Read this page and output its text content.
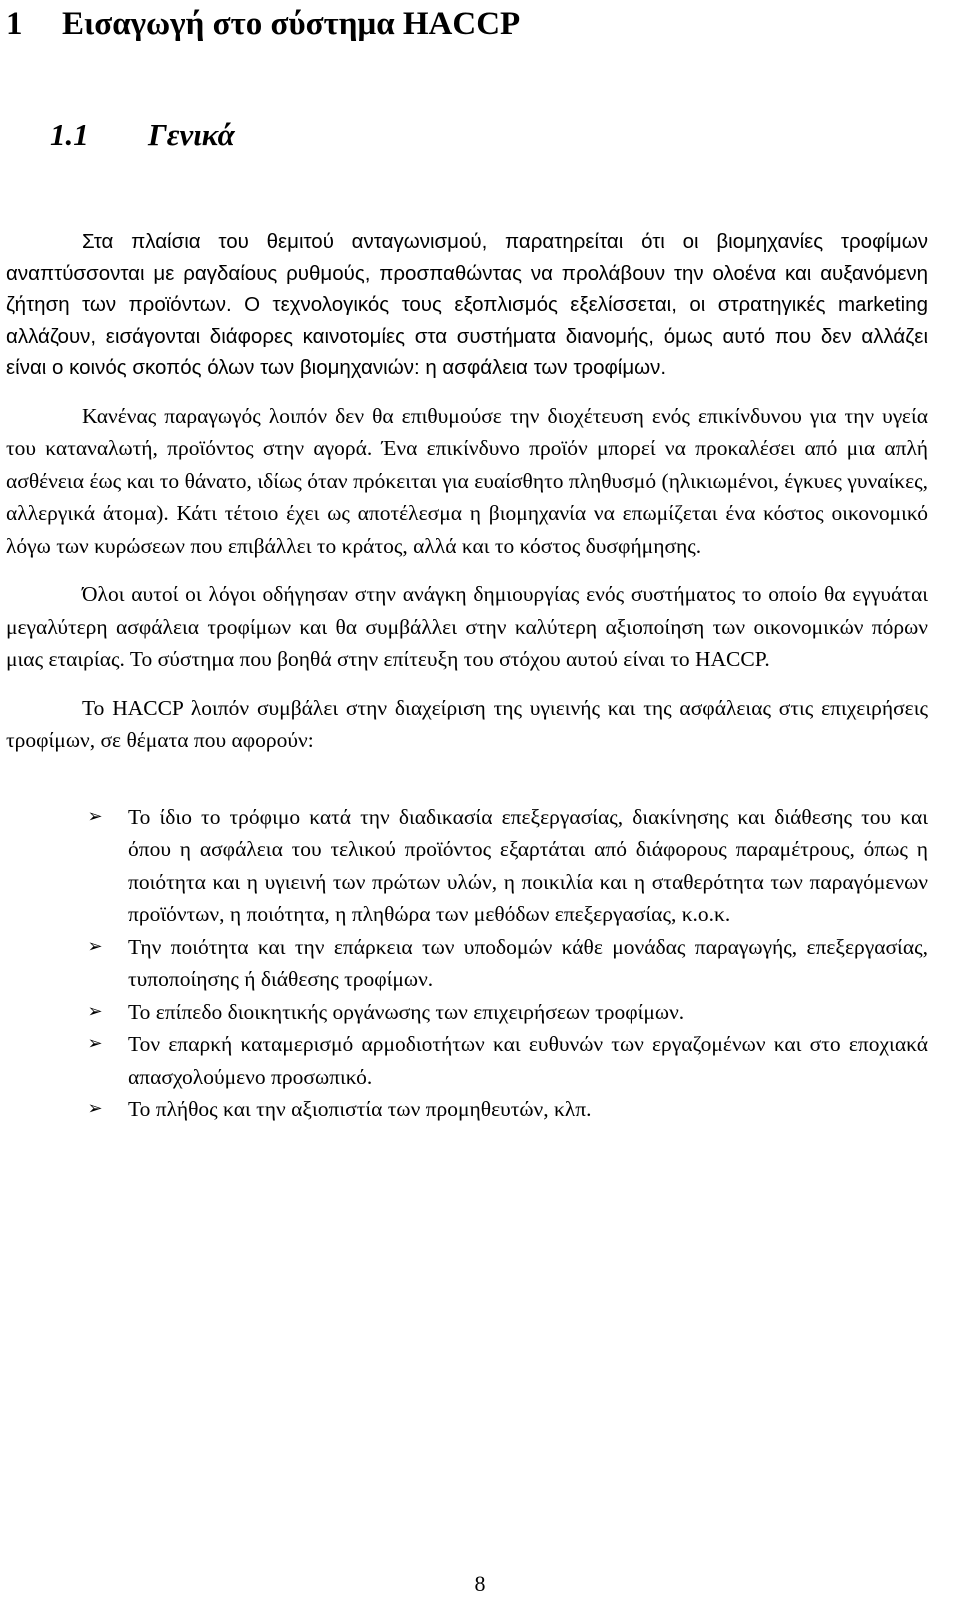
1 Εισαγωγή στο σύστημα HACCP
1.1 Γενικά

Στα πλαίσια του θεμιτού ανταγωνισμού, παρατηρείται ότι οι βιομηχανίες τροφίμων αναπτύσσονται με ραγδαίους ρυθμούς, προσπαθώντας να προλάβουν την ολοένα και αυξανόμενη ζήτηση των προϊόντων. Ο τεχνολογικός τους εξοπλισμός εξελίσσεται, οι στρατηγικές marketing αλλάζουν, εισάγονται διάφορες καινοτομίες στα συστήματα διανομής, όμως αυτό που δεν αλλάζει είναι ο κοινός σκοπός όλων των βιομηχανιών: η ασφάλεια των τροφίμων.

Κανένας παραγωγός λοιπόν δεν θα επιθυμούσε την διοχέτευση ενός επικίνδυνου για την υγεία του καταναλωτή, προϊόντος στην αγορά. Ένα επικίνδυνο προϊόν μπορεί να προκαλέσει από μια απλή ασθένεια έως και το θάνατο, ιδίως όταν πρόκειται για ευαίσθητο πληθυσμό (ηλικιωμένοι, έγκυες γυναίκες, αλλεργικά άτομα). Κάτι τέτοιο έχει ως αποτέλεσμα η βιομηχανία να επωμίζεται ένα κόστος οικονομικό λόγω των κυρώσεων που επιβάλλει το κράτος, αλλά και το κόστος δυσφήμησης.

Όλοι αυτοί οι λόγοι οδήγησαν στην ανάγκη δημιουργίας ενός συστήματος το οποίο θα εγγυάται μεγαλύτερη ασφάλεια τροφίμων και θα συμβάλλει στην καλύτερη αξιοποίηση των οικονομικών πόρων μιας εταιρίας. Το σύστημα που βοηθά στην επίτευξη του στόχου αυτού είναι το HACCP.

Το HACCP λοιπόν συμβάλει στην διαχείριση της υγιεινής και της ασφάλειας στις επιχειρήσεις τροφίμων, σε θέματα που αφορούν:

➢ Το ίδιο το τρόφιμο κατά την διαδικασία επεξεργασίας, διακίνησης και διάθεσης του και όπου η ασφάλεια του τελικού προϊόντος εξαρτάται από διάφορους παραμέτρους, όπως η ποιότητα και η υγιεινή των πρώτων υλών, η ποικιλία και η σταθερότητα των παραγόμενων προϊόντων, η ποιότητα, η πληθώρα των μεθόδων επεξεργασίας, κ.ο.κ.
➢ Την ποιότητα και την επάρκεια των υποδομών κάθε μονάδας παραγωγής, επεξεργασίας, τυποποίησης ή διάθεσης τροφίμων.
➢ Το επίπεδο διοικητικής οργάνωσης των επιχειρήσεων τροφίμων.
➢ Τον επαρκή καταμερισμό αρμοδιοτήτων και ευθυνών των εργαζομένων και στο εποχιακά απασχολούμενο προσωπικό.
➢ Το πλήθος και την αξιοπιστία των προμηθευτών, κλπ.
8
